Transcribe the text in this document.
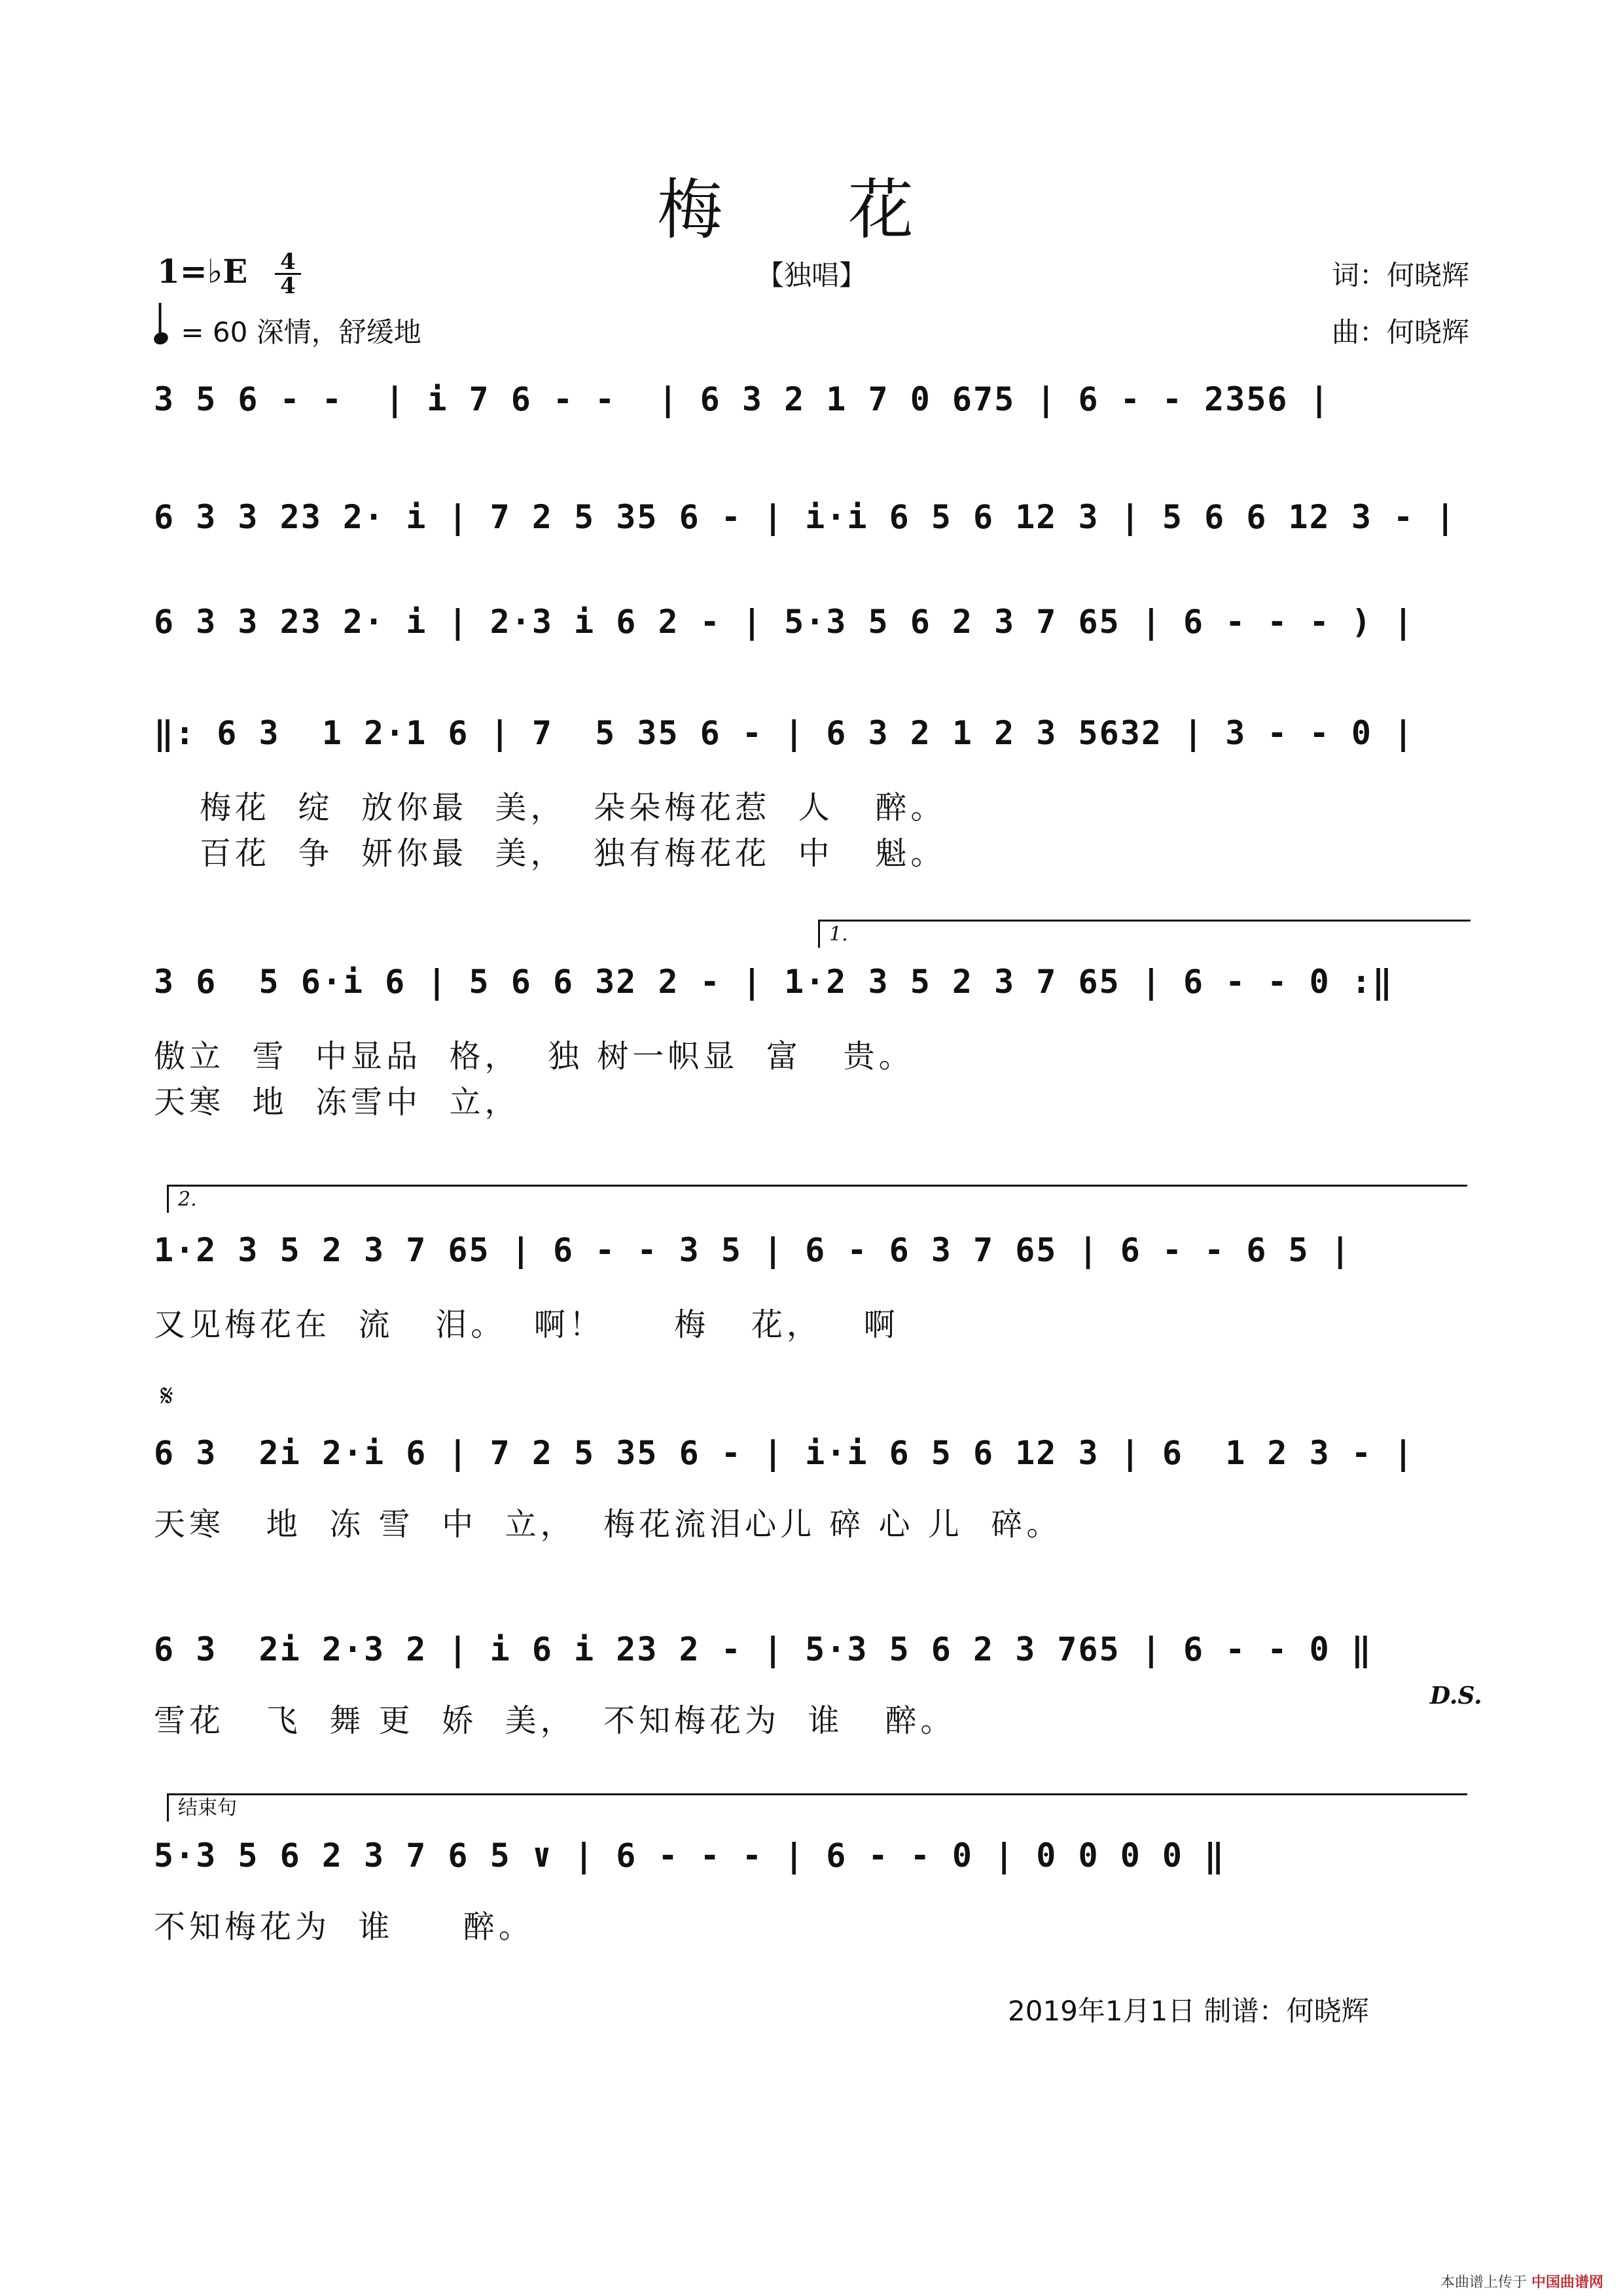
梅 花
1=♭E 4
4
= 60 深情，舒缓地
【独唱】	词：何晓辉
曲：何晓辉

3 5 6 - -  | i 7 6 - -  | 6 3 2 1 7 0 675 | 6 - - 2356 |

6 3 3 23 2· i | 7 2 5 35 6 - | i·i 6 5 6 12 3 | 5 6 6 12 3 - |

6 3 3 23 2· i | 2·3 i 6 2 - | 5·3 5 6 2 3 7 65 | 6 - - - ) |

‖: 6 3  1 2·1 6 | 7  5 35 6 - | 6 3 2 1 2 3 5632 | 3 - - 0 |

梅花  绽  放你最  美，  朵朵梅花惹  人   醉。
百花  争  妍你最  美，  独有梅花花  中   魁。
1.

3 6  5 6·i 6 | 5 6 6 32 2 - | 1·2 3 5 2 3 7 65 | 6 - - 0 :‖

傲立  雪  中显品  格，  独 树一帜显  富   贵。
天寒  地  冻雪中  立，
2.

1·2 3 5 2 3 7 65 | 6 - - 3 5 | 6 - 6 3 7 65 | 6 - - 6 5 |

又见梅花在  流   泪。  啊！     梅   花，   啊
𝄋

6 3  2i 2·i 6 | 7 2 5 35 6 - | i·i 6 5 6 12 3 | 6  1 2 3 - |

天寒   地  冻 雪  中  立，  梅花流泪心儿 碎 心 儿  碎。

6 3  2i 2·3 2 | i 6 i 23 2 - | 5·3 5 6 2 3 765 | 6 - - 0 ‖

雪花   飞  舞 更  娇  美，  不知梅花为  谁   醉。
D.S.
结束句

5·3 5 6 2 3 7 6 5 ∨ | 6 - - - | 6 - - 0 | 0 0 0 0 ‖

不知梅花为  谁     醉。
2019年1月1日 制谱：何晓辉
本曲谱上传于 中国曲谱网
